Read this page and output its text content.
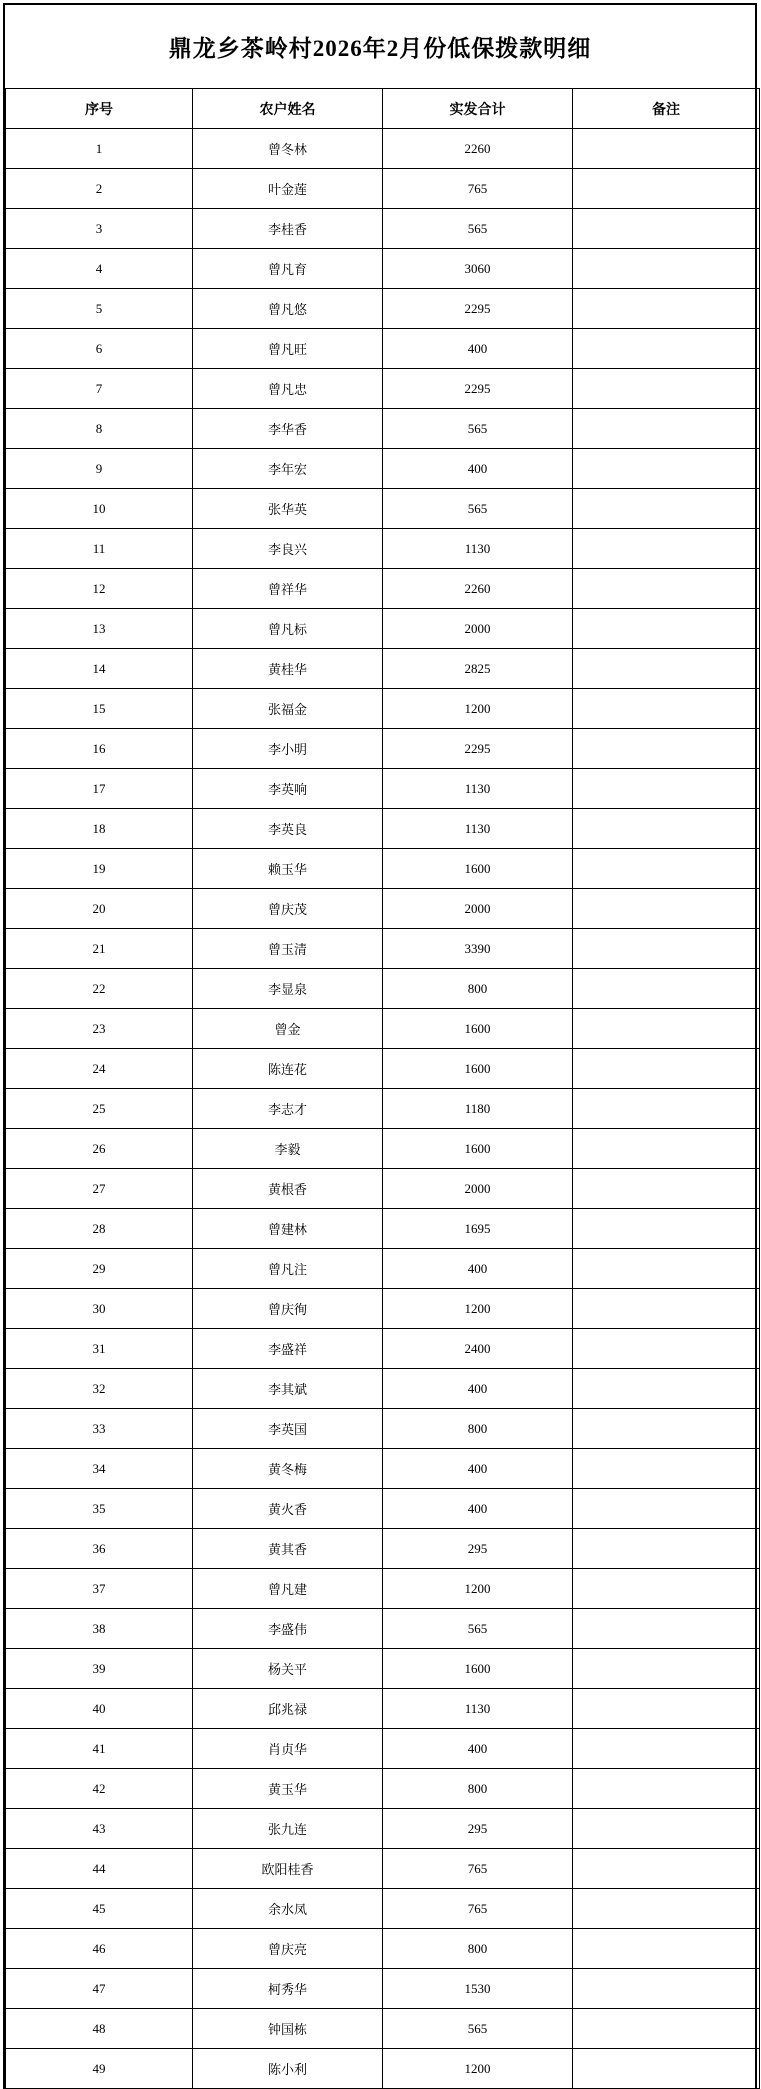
鼎龙乡茶岭村2026年2月份低保拨款明细
序号	农户姓名	实发合计	备注
1	曾冬林	2260	
2	叶金莲	765	
3	李桂香	565	
4	曾凡育	3060	
5	曾凡悠	2295	
6	曾凡旺	400	
7	曾凡忠	2295	
8	李华香	565	
9	李年宏	400	
10	张华英	565	
11	李良兴	1130	
12	曾祥华	2260	
13	曾凡标	2000	
14	黄桂华	2825	
15	张福金	1200	
16	李小明	2295	
17	李英响	1130	
18	李英良	1130	
19	赖玉华	1600	
20	曾庆茂	2000	
21	曾玉清	3390	
22	李显泉	800	
23	曾金	1600	
24	陈连花	1600	
25	李志才	1180	
26	李毅	1600	
27	黄根香	2000	
28	曾建林	1695	
29	曾凡注	400	
30	曾庆徇	1200	
31	李盛祥	2400	
32	李其斌	400	
33	李英国	800	
34	黄冬梅	400	
35	黄火香	400	
36	黄其香	295	
37	曾凡建	1200	
38	李盛伟	565	
39	杨关平	1600	
40	邱兆禄	1130	
41	肖贞华	400	
42	黄玉华	800	
43	张九连	295	
44	欧阳桂香	765	
45	余水凤	765	
46	曾庆亮	800	
47	柯秀华	1530	
48	钟国栋	565	
49	陈小利	1200	
